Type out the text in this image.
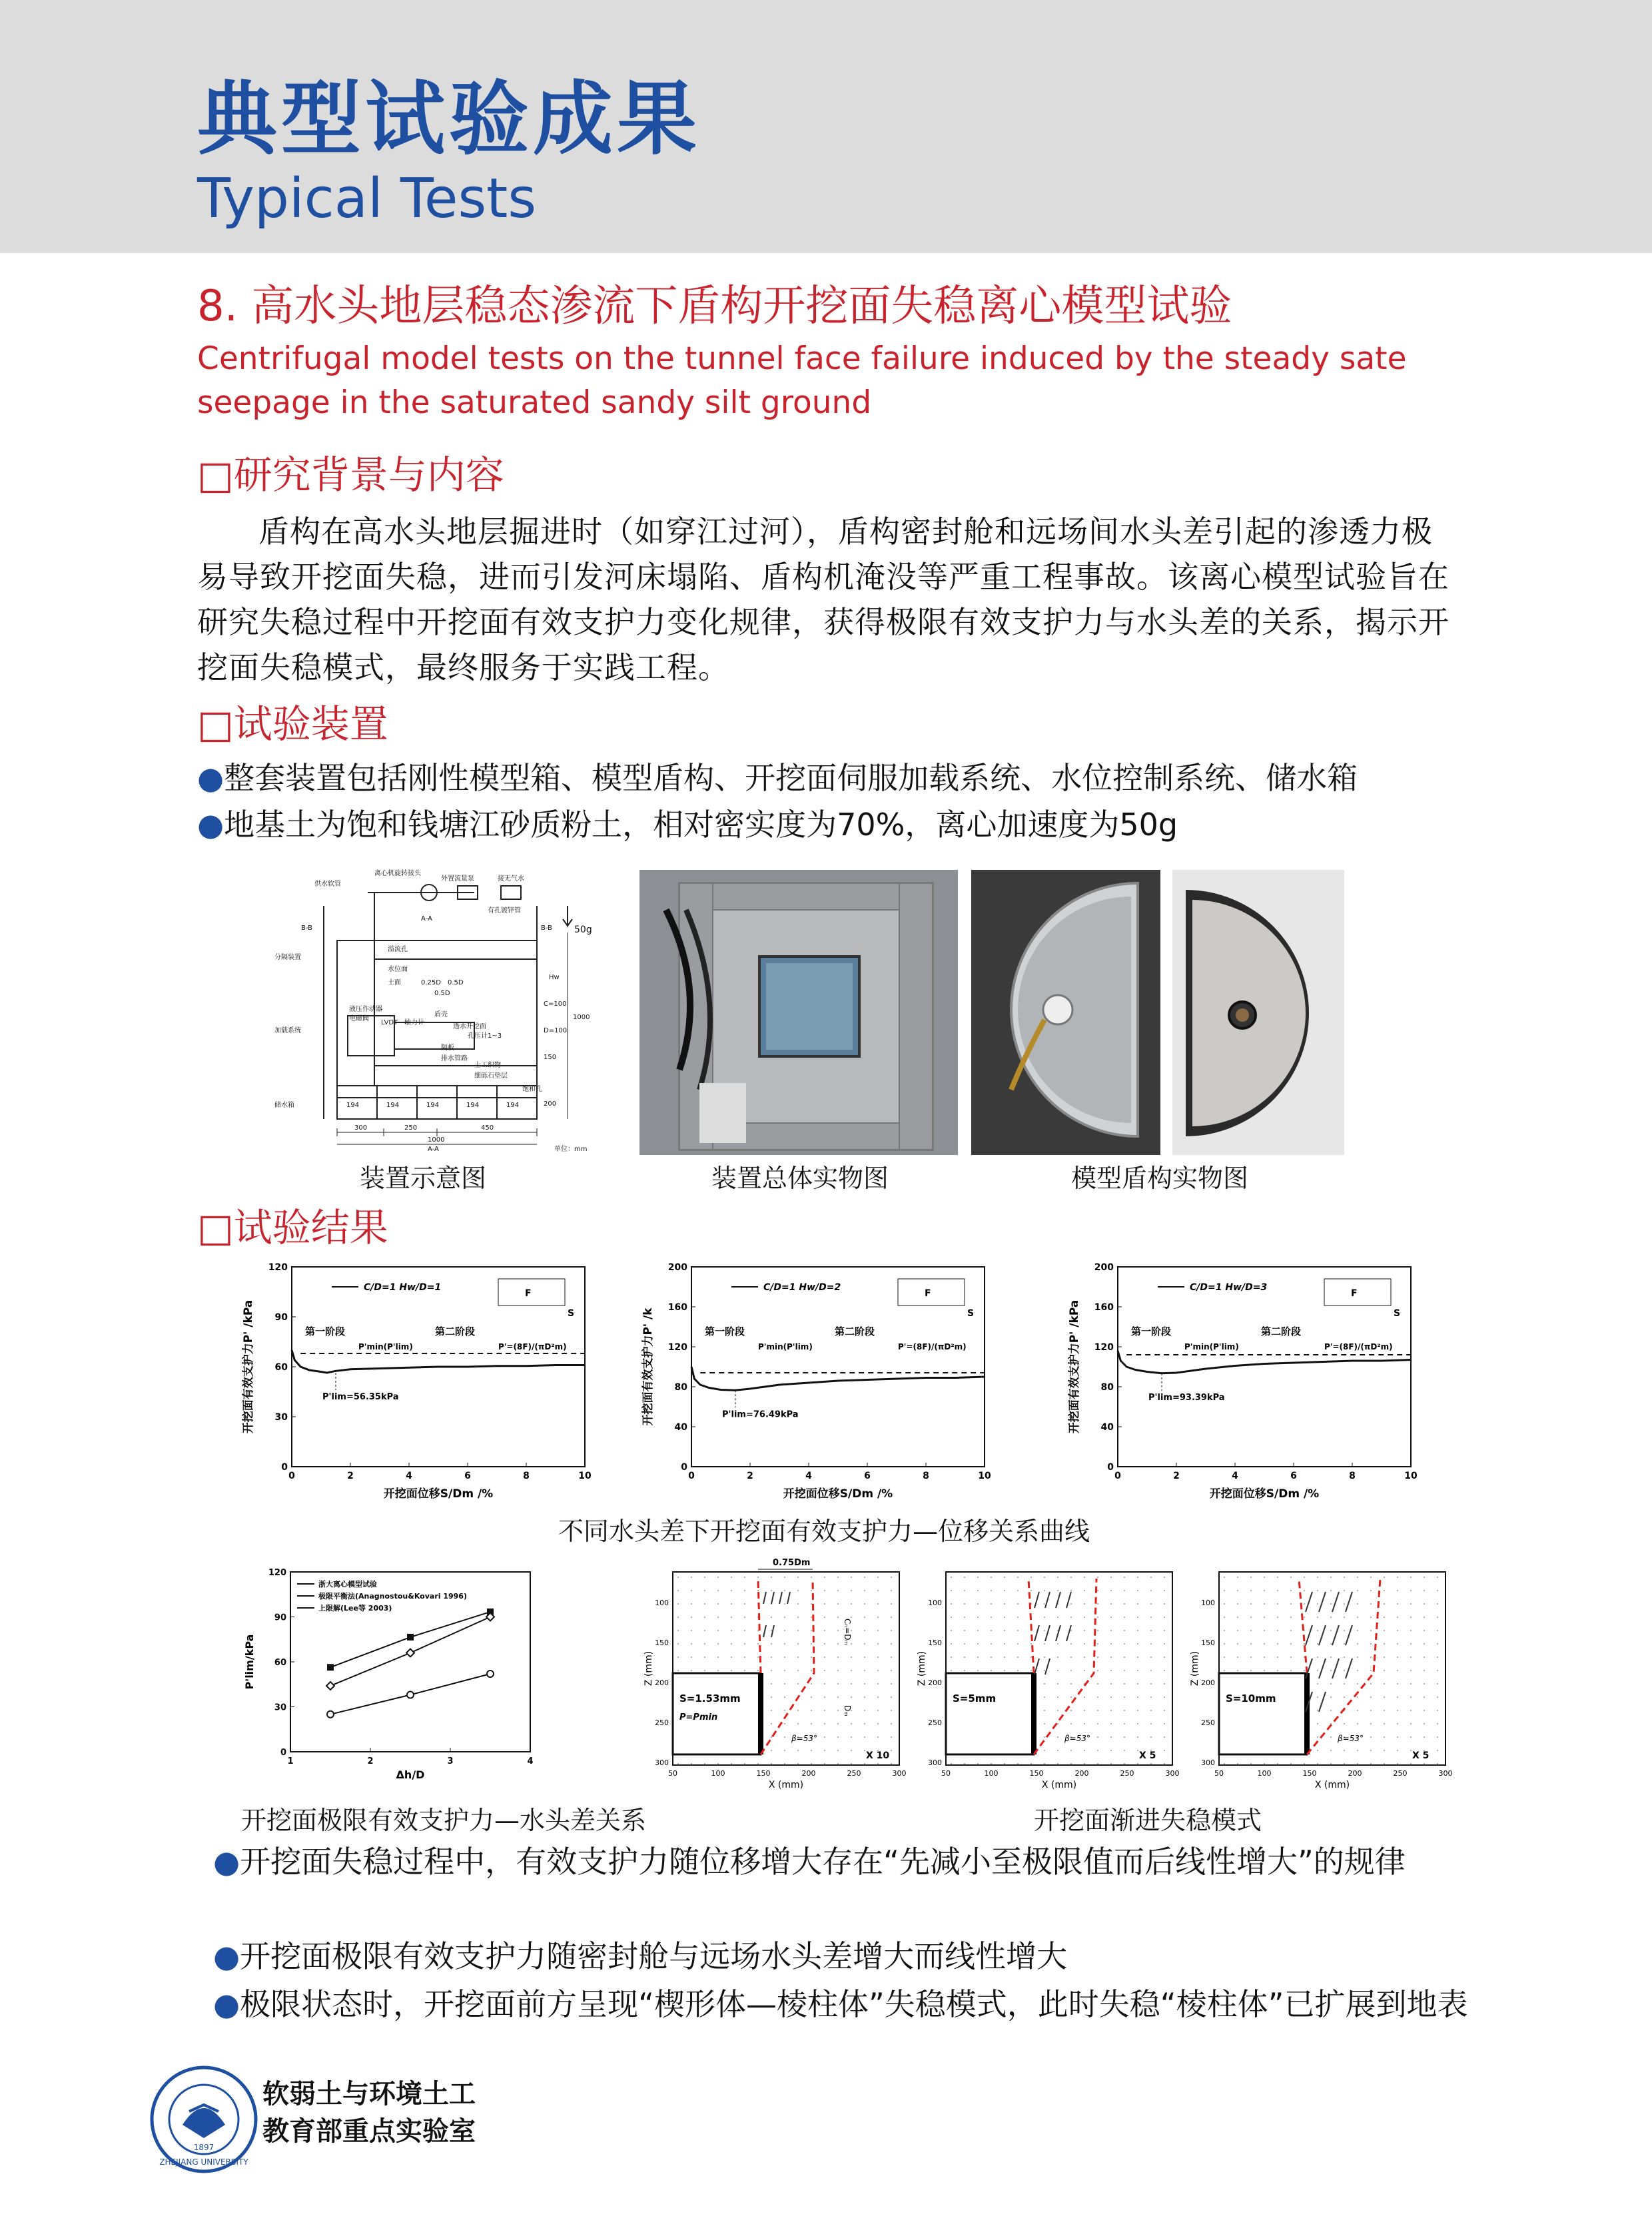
典型试验成果
Typical Tests
8. 高水头地层稳态渗流下盾构开挖面失稳离心模型试验
Centrifugal model tests on the tunnel face failure induced by the steady sate seepage in the saturated sandy silt ground
□研究背景与内容
盾构在高水头地层掘进时（如穿江过河），盾构密封舱和远场间水头差引起的渗透力极易导致开挖面失稳，进而引发河床塌陷、盾构机淹没等严重工程事故。该离心模型试验旨在研究失稳过程中开挖面有效支护力变化规律，获得极限有效支护力与水头差的关系，揭示开挖面失稳模式，最终服务于实践工程。
□试验装置
●整套装置包括刚性模型箱、模型盾构、开挖面伺服加载系统、水位控制系统、储水箱
●地基土为饱和钱塘江砂质粉土，相对密实度为70%，离心加速度为50g
离心机旋转接头
供水软管
外置流量泵	接无气水
有孔镀锌管
分隔装置
加载系统
储水箱
A-A
A-A
B-B	B-B
溢流孔
水位面
土面	0.25D 0.5D
0.5D
液压作动器
电磁阀
LVDT 轴力计
盾壳
透水开挖面
孔压计1~3
隔板
排水管路
土工织物
细砾石垫层
饱和孔
194	194	194	194	194
300	250	450
1000
Hw
1000
C=100
D=100
150
200
50g
单位：mm
装置示意图	装置总体实物图	模型盾构实物图
□试验结果
0	2	4	6	8	10
0
30
60
90
120
开挖面位移S/Dm /%
开挖面有效支护力P' /kPa
C/D=1 Hw/D=1
F
S
第一阶段	第二阶段
P'min(P'lim)	P'=(8F)/(πD²m)
P'lim=56.35kPa
0	2	4	6	8	10
0
40
80
120
160
200
开挖面位移S/Dm /%
开挖面有效支护力P' /k
C/D=1 Hw/D=2
F
S
第一阶段	第二阶段
P'min(P'lim)	P'=(8F)/(πD²m)
P'lim=76.49kPa
0	2	4	6	8	10
0
40
80
120
160
200
开挖面位移S/Dm /%
开挖面有效支护力P' /kPa
C/D=1 Hw/D=3
F
S
第一阶段	第二阶段
P'min(P'lim)	P'=(8F)/(πD²m)
P'lim=93.39kPa
不同水头差下开挖面有效支护力—位移关系曲线
1	2	3	4
0
30
60
90
120
Δh/D
P'lim/kPa
浙大离心模型试验
极限平衡法(Anagnostou&Kovari 1996)
上限解(Lee等 2003)
S=1.53mm
P=Pmin
β=53°
X 10
50	100	150	200	250	300
100
150
200
250
300
X (mm)
Z (mm)
0.75Dm
Cₙ=Dₘ
Dₘ
S=5mm
β=53°
X 5
50	100	150	200	250	300
100
150
200
250
300
X (mm)
Z (mm)
S=10mm
β=53°
X 5
50	100	150	200	250	300
100
150
200
250
300
X (mm)
Z (mm)
开挖面极限有效支护力—水头差关系	开挖面渐进失稳模式
●开挖面失稳过程中，有效支护力随位移增大存在“先减小至极限值而后线性增大”的规律
●开挖面极限有效支护力随密封舱与远场水头差增大而线性增大
●极限状态时，开挖面前方呈现“楔形体—棱柱体”失稳模式，此时失稳“棱柱体”已扩展到地表
ZHEJIANG UNIVERSITY
1897
软弱土与环境土工
教育部重点实验室
